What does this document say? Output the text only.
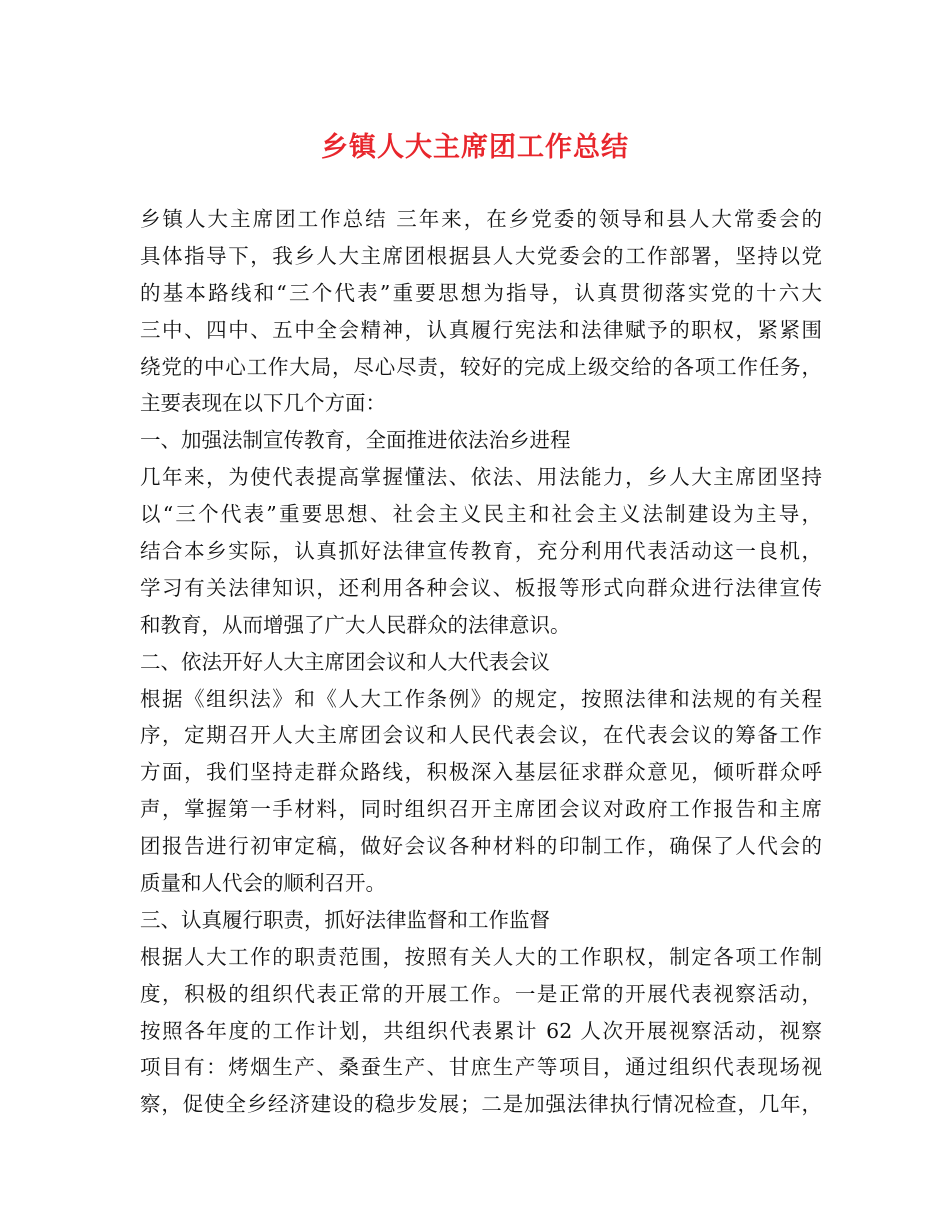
乡镇人大主席团工作总结
乡镇人大主席团工作总结 三年来，在乡党委的领导和县人大常委会的
具体指导下，我乡人大主席团根据县人大党委会的工作部署，坚持以党
的基本路线和“三个代表”重要思想为指导，认真贯彻落实党的十六大
三中、四中、五中全会精神，认真履行宪法和法律赋予的职权，紧紧围
绕党的中心工作大局，尽心尽责，较好的完成上级交给的各项工作任务，
主要表现在以下几个方面：
一、加强法制宣传教育，全面推进依法治乡进程
几年来，为使代表提高掌握懂法、依法、用法能力，乡人大主席团坚持
以“三个代表”重要思想、社会主义民主和社会主义法制建设为主导，
结合本乡实际，认真抓好法律宣传教育，充分利用代表活动这一良机，
学习有关法律知识，还利用各种会议、板报等形式向群众进行法律宣传
和教育，从而增强了广大人民群众的法律意识。
二、依法开好人大主席团会议和人大代表会议
根据《组织法》和《人大工作条例》的规定，按照法律和法规的有关程
序，定期召开人大主席团会议和人民代表会议，在代表会议的筹备工作
方面，我们坚持走群众路线，积极深入基层征求群众意见，倾听群众呼
声，掌握第一手材料，同时组织召开主席团会议对政府工作报告和主席
团报告进行初审定稿，做好会议各种材料的印制工作，确保了人代会的
质量和人代会的顺利召开。
三、认真履行职责，抓好法律监督和工作监督
根据人大工作的职责范围，按照有关人大的工作职权，制定各项工作制
度，积极的组织代表正常的开展工作。一是正常的开展代表视察活动，
按照各年度的工作计划，共组织代表累计 62 人次开展视察活动，视察
项目有：烤烟生产、桑蚕生产、甘庶生产等项目，通过组织代表现场视
察，促使全乡经济建设的稳步发展；二是加强法律执行情况检查，几年，
